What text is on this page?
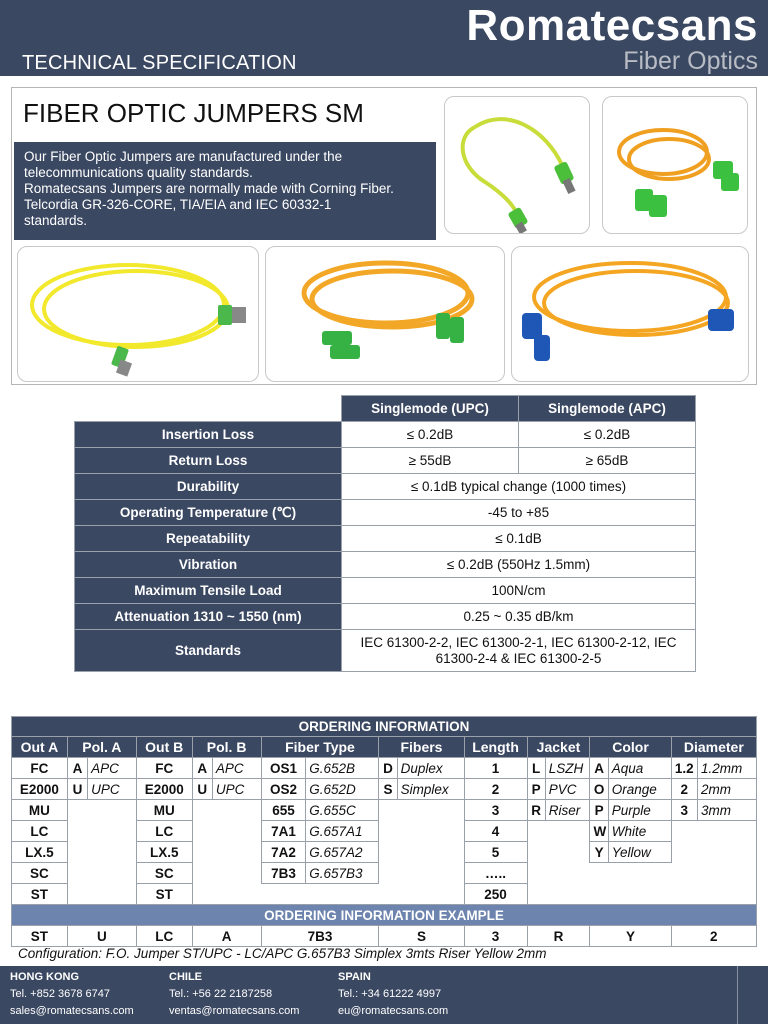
TECHNICAL SPECIFICATION
Romatecsans
Fiber Optics
FIBER OPTIC JUMPERS SM

Our Fiber Optic Jumpers are manufactured under the

telecommunications quality standards.

Romatecsans Jumpers are normally made with Corning Fiber.

Telcordia GR-326-CORE, TIA/EIA and IEC 60332-1

standards.

	Singlemode (UPC)	Singlemode (APC)
Insertion Loss	≤ 0.2dB	≤ 0.2dB
Return Loss	≥ 55dB	≥ 65dB
Durability	≤ 0.1dB typical change (1000 times)	
Operating Temperature (℃)	-45 to +85	
Repeatability	≤ 0.1dB	
Vibration	≤ 0.2dB (550Hz 1.5mm)	
Maximum Tensile Load	100N/cm	
Attenuation 1310 ~ 1550 (nm)	0.25 ~ 0.35 dB/km	
Standards	IEC 61300-2-2, IEC 61300-2-1, IEC 61300-2-12, IEC 61300-2-4 & IEC 61300-2-5	
ORDERING INFORMATION																
Out A	Pol. A		Out B	Pol. B		Fiber Type		Fibers		Length	Jacket		Color		Diameter	
FC	A	APC	FC	A	APC	OS1	G.652B	D	Duplex	1	L	LSZH	A	Aqua	1.2	1.2mm
E2000	U	UPC	E2000	U	UPC	OS2	G.652D	S	Simplex	2	P	PVC	O	Orange	2	2mm
MU			MU			655	G.655C			3	R	Riser	P	Purple	3	3mm
LC			LC			7A1	G.657A1			4			W	White		
LX.5			LX.5			7A2	G.657A2			5			Y	Yellow		
SC			SC			7B3	G.657B3			…..						
ST			ST							250						
ORDERING INFORMATION EXAMPLE																
ST	U		LC	A		7B3		S		3	R		Y		2	
Configuration: F.O. Jumper ST/UPC - LC/APC G.657B3 Simplex 3mts Riser Yellow 2mm
HONG KONG
Tel. +852 3678 6747
sales@romatecsans.com
CHILE
Tel.: +56 22 2187258
ventas@romatecsans.com
SPAIN
Tel.: +34 61222 4997
eu@romatecsans.com
